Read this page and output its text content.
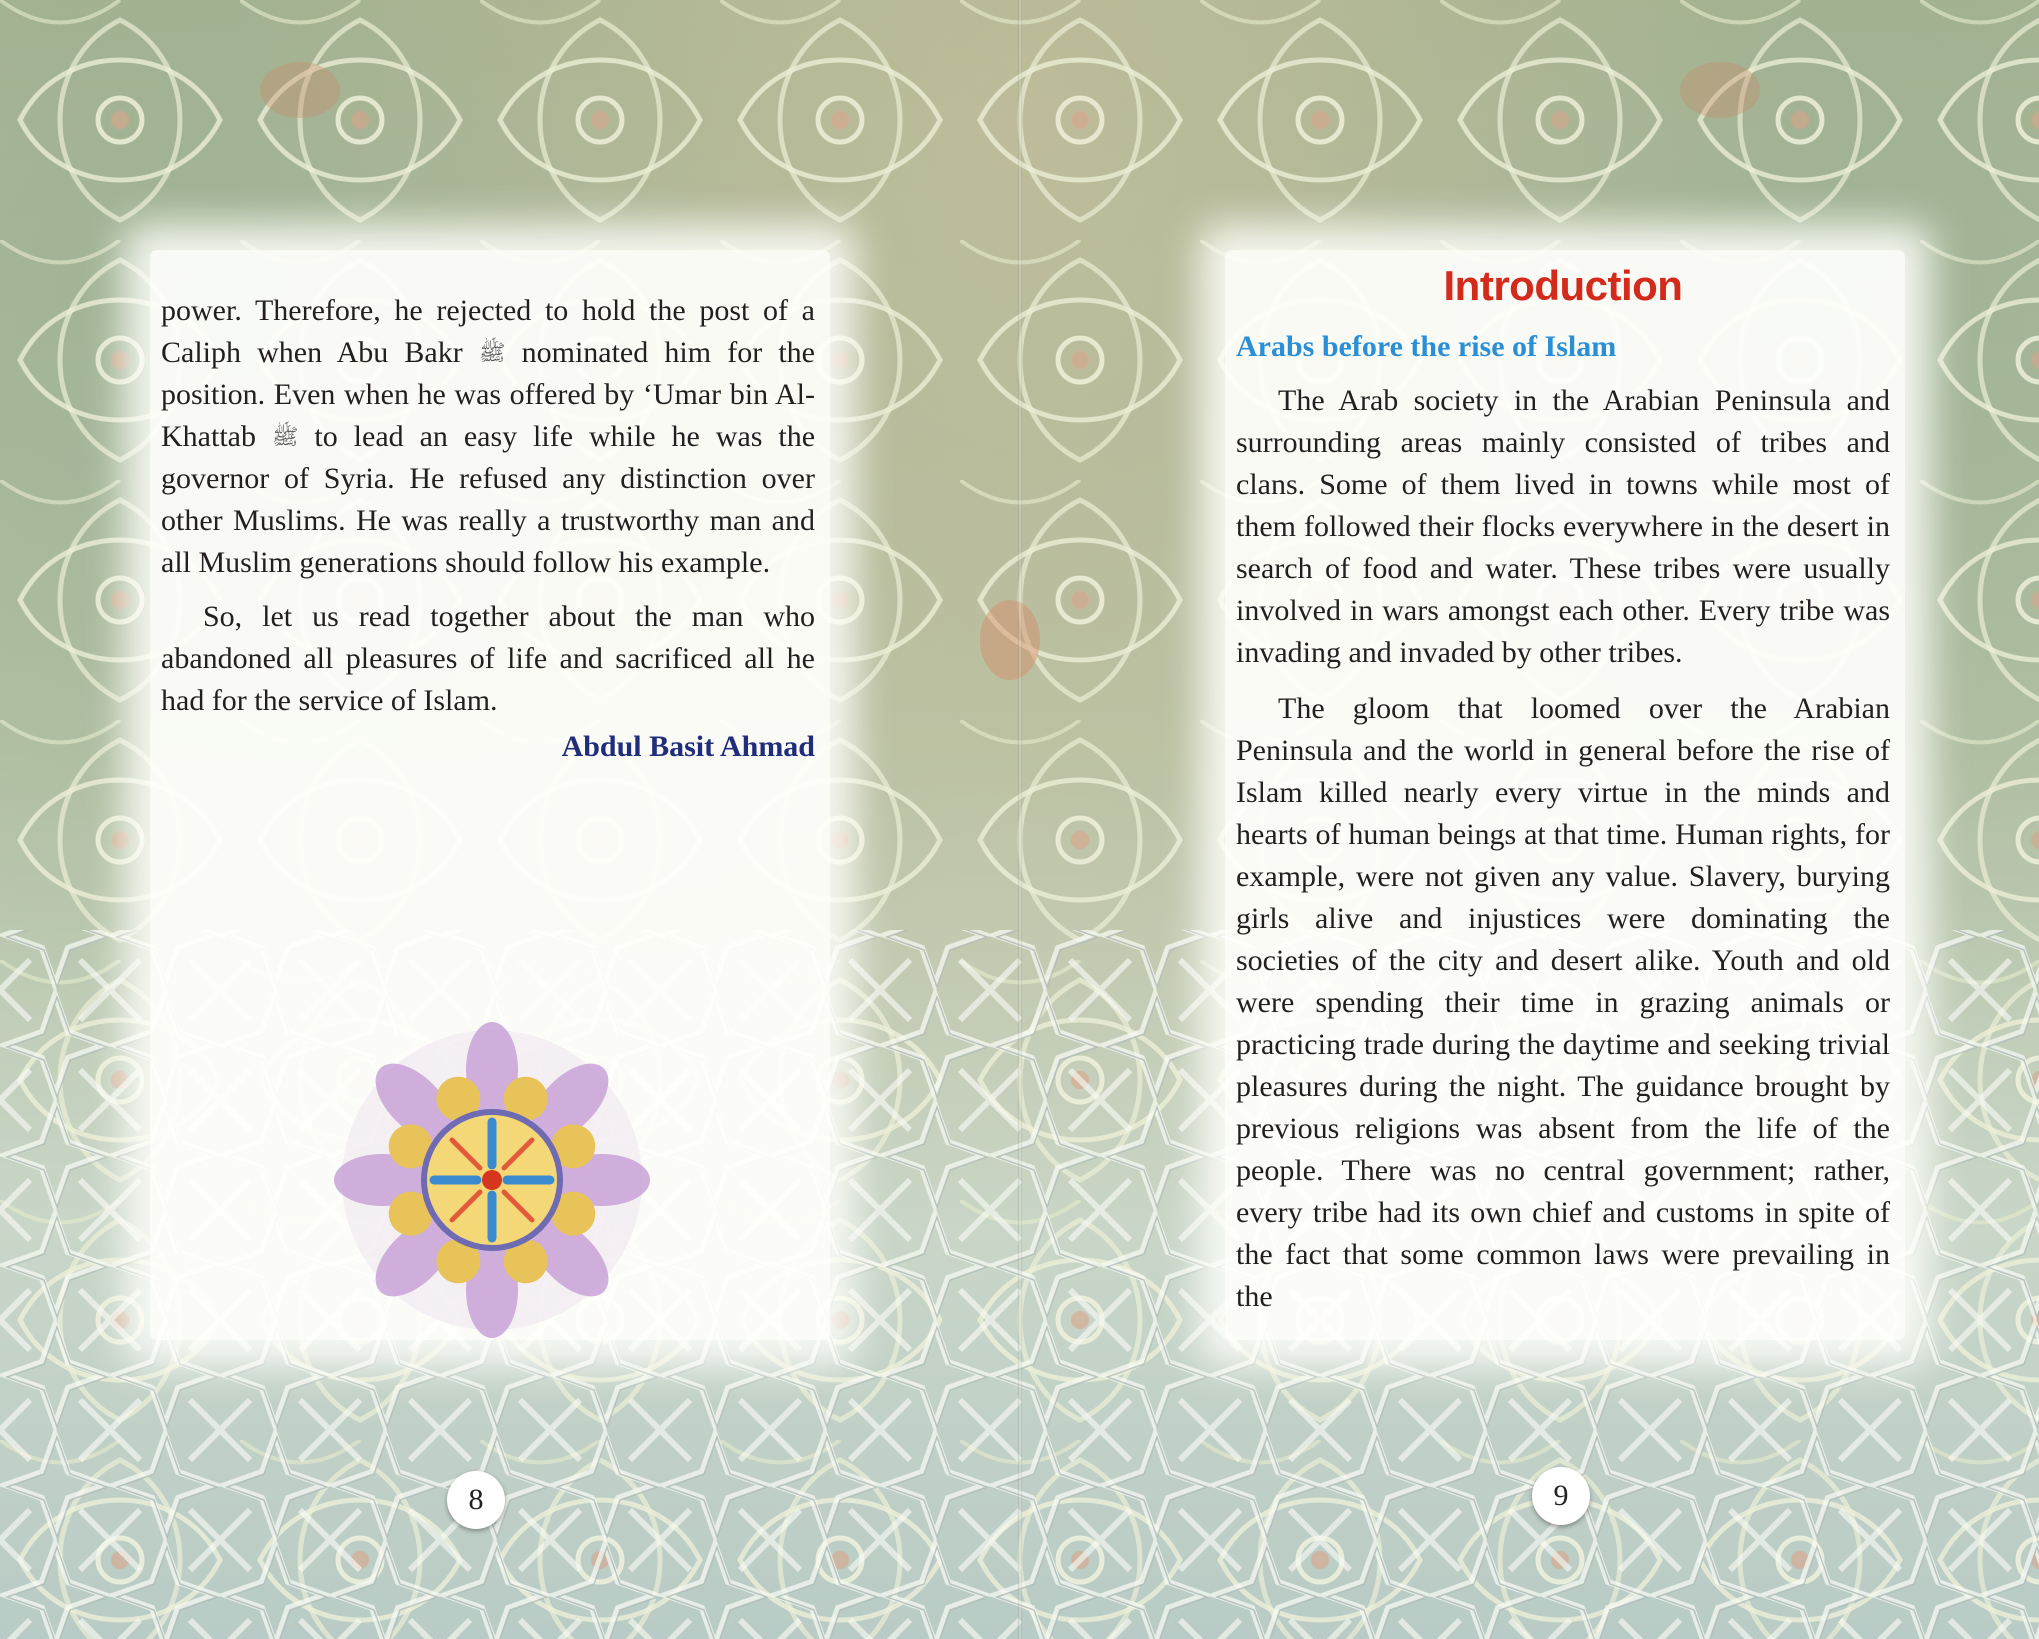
power. Therefore, he rejected to hold the post of a Caliph when Abu Bakr ﷺ nominated him for the position. Even when he was offered by ‘Umar bin Al-Khattab ﷺ to lead an easy life while he was the governor of Syria. He refused any distinction over other Muslims. He was really a trustworthy man and all Muslim generations should follow his example.

So, let us read together about the man who abandoned all pleasures of life and sacrificed all he had for the service of Islam.

Abdul Basit Ahmad

Introduction
Arabs before the rise of Islam

The Arab society in the Arabian Peninsula and surrounding areas mainly consisted of tribes and clans. Some of them lived in towns while most of them followed their flocks everywhere in the desert in search of food and water. These tribes were usually involved in wars amongst each other. Every tribe was invading and invaded by other tribes.

The gloom that loomed over the Arabian Peninsula and the world in general before the rise of Islam killed nearly every virtue in the minds and hearts of human beings at that time. Human rights, for example, were not given any value. Slavery, burying girls alive and injustices were dominating the societies of the city and desert alike. Youth and old were spending their time in grazing animals or practicing trade during the daytime and seeking trivial pleasures during the night. The guidance brought by previous religions was absent from the life of the people. There was no central government; rather, every tribe had its own chief and customs in spite of the fact that some common laws were prevailing in the

8	9
